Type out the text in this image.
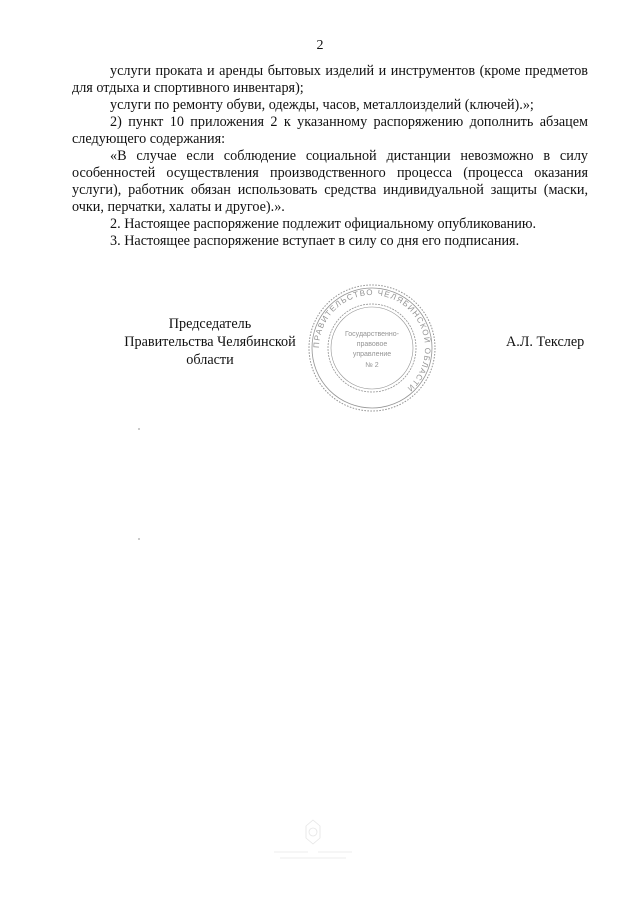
2

услуги проката и аренды бытовых изделий и инструментов (кроме предметов для отдыха и спортивного инвентаря);

услуги по ремонту обуви, одежды, часов, металлоизделий (ключей).»;

2) пункт 10 приложения 2 к указанному распоряжению дополнить абзацем следующего содержания:

«В случае если соблюдение социальной дистанции невозможно в силу особенностей осуществления производственного процесса (процесса оказания услуги), работник обязан использовать средства индивидуальной защиты (маски, очки, перчатки, халаты и другое).».

2. Настоящее распоряжение подлежит официальному опубликованию.

3. Настоящее распоряжение вступает в силу со дня его подписания.

Председатель
Правительства Челябинской области
А.Л. Текслер
ПРАВИТЕЛЬСТВО ЧЕЛЯБИНСКОЙ ОБЛАСТИ
Государственно-
правовое
управление
№ 2
